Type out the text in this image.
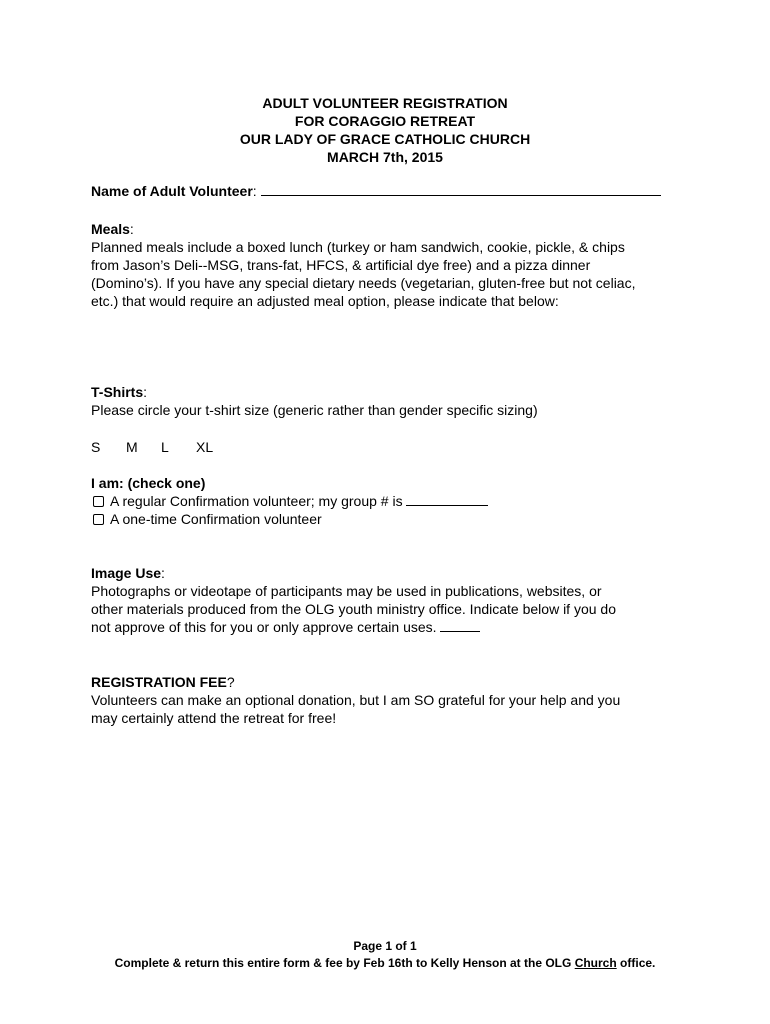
ADULT VOLUNTEER REGISTRATION
FOR CORAGGIO RETREAT
OUR LADY OF GRACE CATHOLIC CHURCH
MARCH 7th, 2015
Name of Adult Volunteer:
Meals:
Planned meals include a boxed lunch (turkey or ham sandwich, cookie, pickle, & chips
from Jason’s Deli--MSG, trans-fat, HFCS, & artificial dye free) and a pizza dinner
(Domino’s). If you have any special dietary needs (vegetarian, gluten-free but not celiac,
etc.) that would require an adjusted meal option, please indicate that below:
T-Shirts:
Please circle your t-shirt size (generic rather than gender specific sizing)
S M L XL
I am: (check one)
A regular Confirmation volunteer; my group # is
A one-time Confirmation volunteer
Image Use:
Photographs or videotape of participants may be used in publications, websites, or
other materials produced from the OLG youth ministry office. Indicate below if you do
not approve of this for you or only approve certain uses.
REGISTRATION FEE?
Volunteers can make an optional donation, but I am SO grateful for your help and you
may certainly attend the retreat for free!
Page 1 of 1
Complete & return this entire form & fee by Feb 16th to Kelly Henson at the OLG Church office.
